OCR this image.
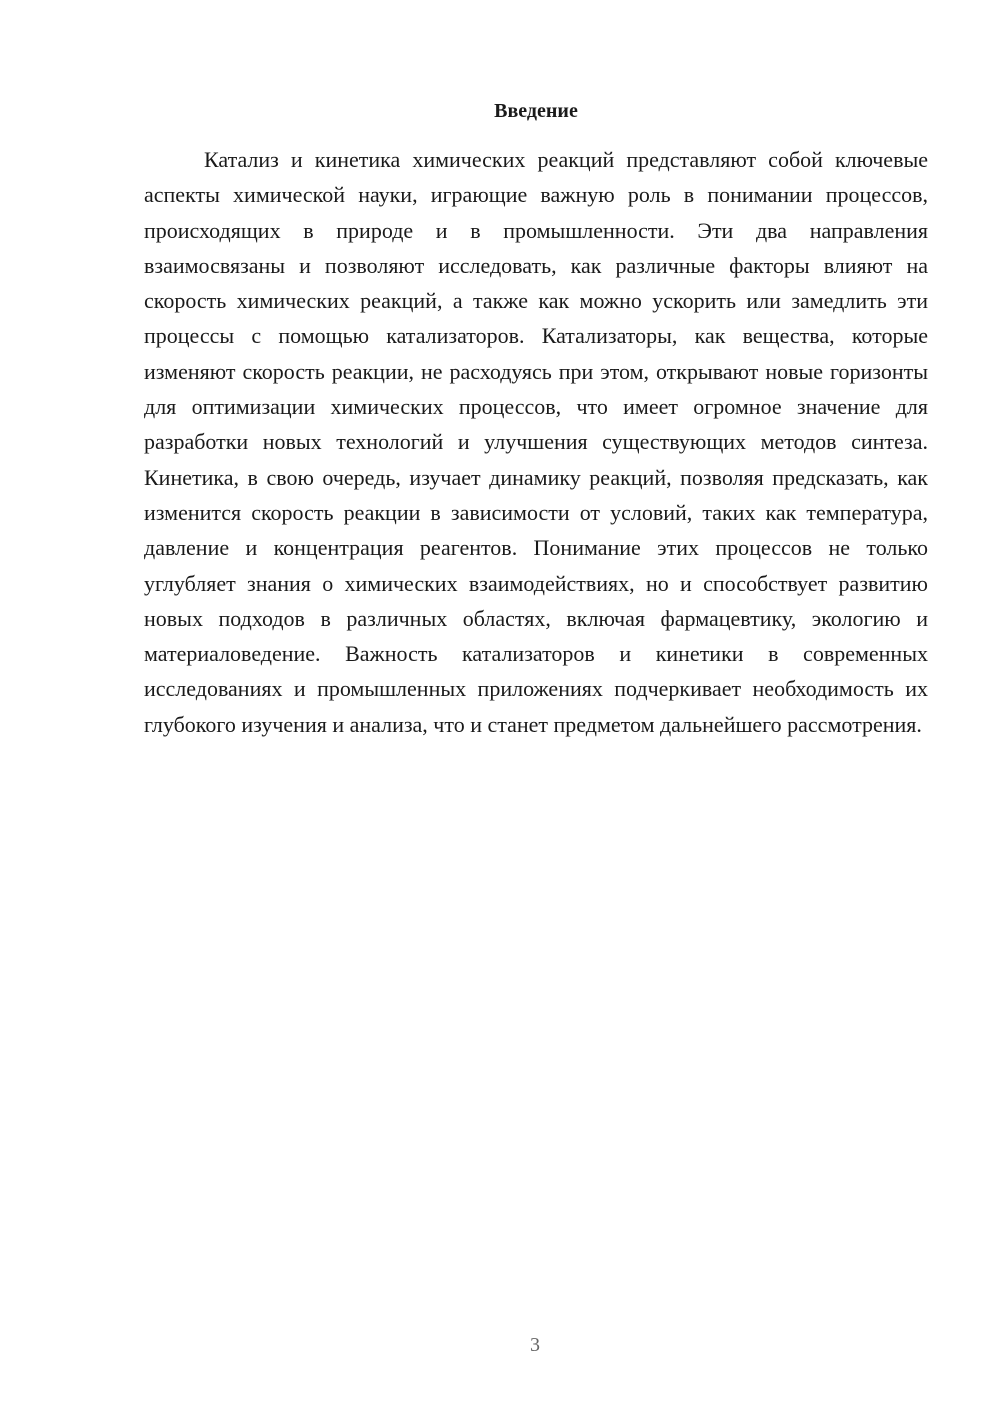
Введение

Катализ и кинетика химических реакций представляют собой ключевые аспекты химической науки, играющие важную роль в понимании процессов, происходящих в природе и в промышленности. Эти два направления взаимосвязаны и позволяют исследовать, как различные факторы влияют на скорость химических реакций, а также как можно ускорить или замедлить эти процессы с помощью катализаторов. Катализаторы, как вещества, которые изменяют скорость реакции, не расходуясь при этом, открывают новые горизонты для оптимизации химических процессов, что имеет огромное значение для разработки новых технологий и улучшения существующих методов синтеза. Кинетика, в свою очередь, изучает динамику реакций, позволяя предсказать, как изменится скорость реакции в зависимости от условий, таких как температура, давление и концентрация реагентов. Понимание этих процессов не только углубляет знания о химических взаимодействиях, но и способствует развитию новых подходов в различных областях, включая фармацевтику, экологию и материаловедение. Важность катализаторов и кинетики в современных исследованиях и промышленных приложениях подчеркивает необходимость их глубокого изучения и анализа, что и станет предметом дальнейшего рассмотрения.

3
